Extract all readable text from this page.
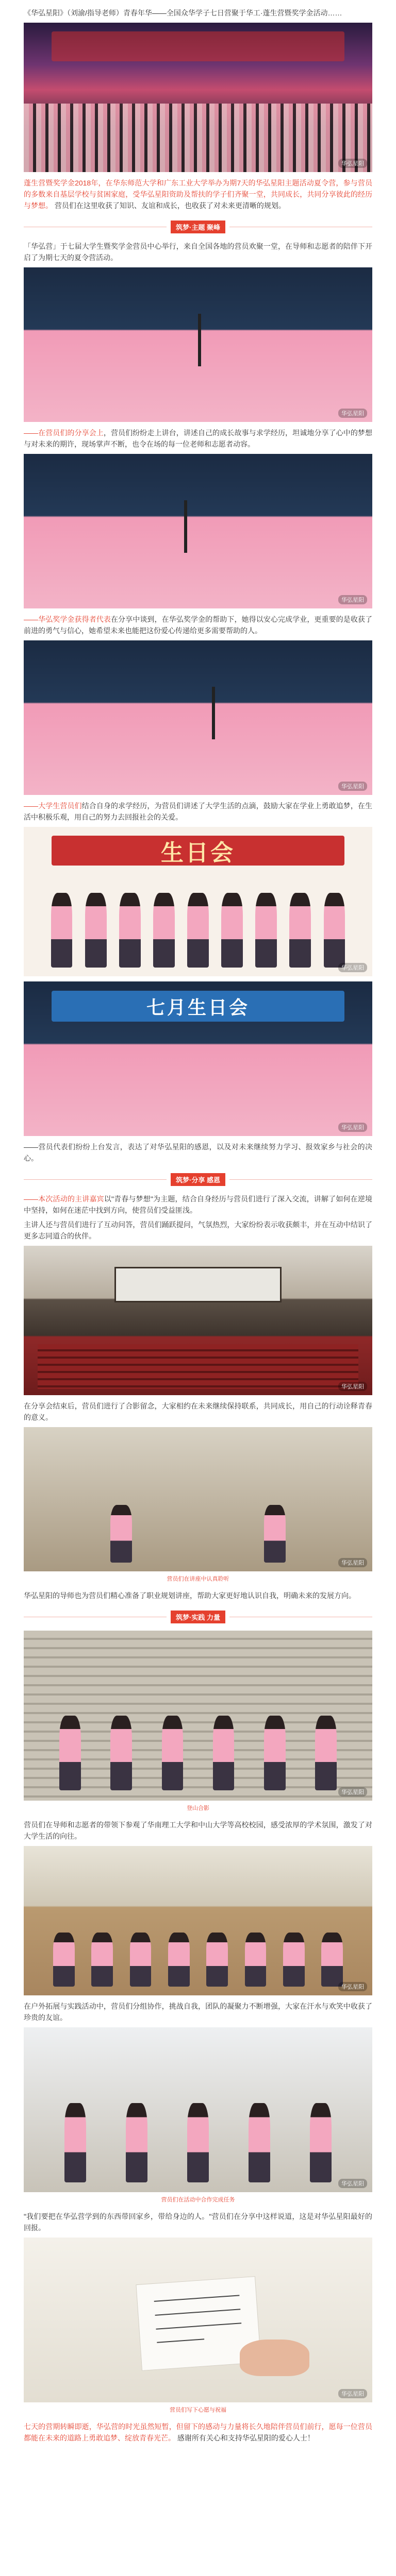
《华弘星阳》（刘渝/指导老师）青春年华——全国众华学子七日营聚于华工·蓬生营暨奖学金活动……

华弘星阳

蓬生营暨奖学金2018年，在华东师范大学和广东工业大学举办为期7天的华弘星阳主题活动夏令营，参与营员的多数来自基层学校与贫困家庭，受华弘星阳资助及帮扶的学子们齐聚一堂，共同成长，共同分享彼此的经历与梦想。 营员们在这里收获了知识、友谊和成长，也收获了对未来更清晰的规划。

筑梦·主题 聚峰

「华弘营」于七届大学生暨奖学金营员中心举行，来自全国各地的营员欢聚一堂，在导师和志愿者的陪伴下开启了为期七天的夏令营活动。

华弘星阳

——在营员们的分享会上，营员们纷纷走上讲台，讲述自己的成长故事与求学经历，坦诚地分享了心中的梦想与对未来的期许，现场掌声不断，也令在场的每一位老师和志愿者动容。

华弘星阳

——华弘奖学金获得者代表在分享中谈到，在华弘奖学金的帮助下，她得以安心完成学业，更重要的是收获了前进的勇气与信心，她希望未来也能把这份爱心传递给更多需要帮助的人。

华弘星阳

——大学生营员们结合自身的求学经历，为营员们讲述了大学生活的点滴，鼓励大家在学业上勇敢追梦，在生活中积极乐观，用自己的努力去回报社会的关爱。

生日会
华弘星阳
七月生日会
华弘星阳

——营员代表们纷纷上台发言，表达了对华弘星阳的感恩，以及对未来继续努力学习、报效家乡与社会的决心。

筑梦·分享 感恩

——本次活动的主讲嘉宾以"青春与梦想"为主题，结合自身经历与营员们进行了深入交流，讲解了如何在逆境中坚持，如何在迷茫中找到方向，使营员们受益匪浅。

主讲人还与营员们进行了互动问答，营员们踊跃提问，气氛热烈，大家纷纷表示收获颇丰，并在互动中结识了更多志同道合的伙伴。

华弘星阳

在分享会结束后，营员们进行了合影留念，大家相约在未来继续保持联系，共同成长，用自己的行动诠释青春的意义。

华弘星阳

营员们在讲座中认真聆听

华弘星阳的导师也为营员们精心准备了职业规划讲座，帮助大家更好地认识自我，明确未来的发展方向。

筑梦·实践 力量
华弘星阳

登山合影

营员们在导师和志愿者的带领下参观了华南理工大学和中山大学等高校校园，感受浓厚的学术氛围，激发了对大学生活的向往。

华弘星阳

在户外拓展与实践活动中，营员们分组协作，挑战自我，团队的凝聚力不断增强，大家在汗水与欢笑中收获了珍贵的友谊。

华弘星阳

营员们在活动中合作完成任务

"我们要把在华弘营学到的东西带回家乡，带给身边的人。"营员们在分享中这样说道，这是对华弘星阳最好的回报。

华弘星阳

营员们写下心愿与祝福

七天的营期转瞬即逝，华弘营的时光虽然短暂，但留下的感动与力量将长久地陪伴营员们前行，愿每一位营员都能在未来的道路上勇敢追梦、绽放青春光芒。 感谢所有关心和支持华弘星阳的爱心人士！
